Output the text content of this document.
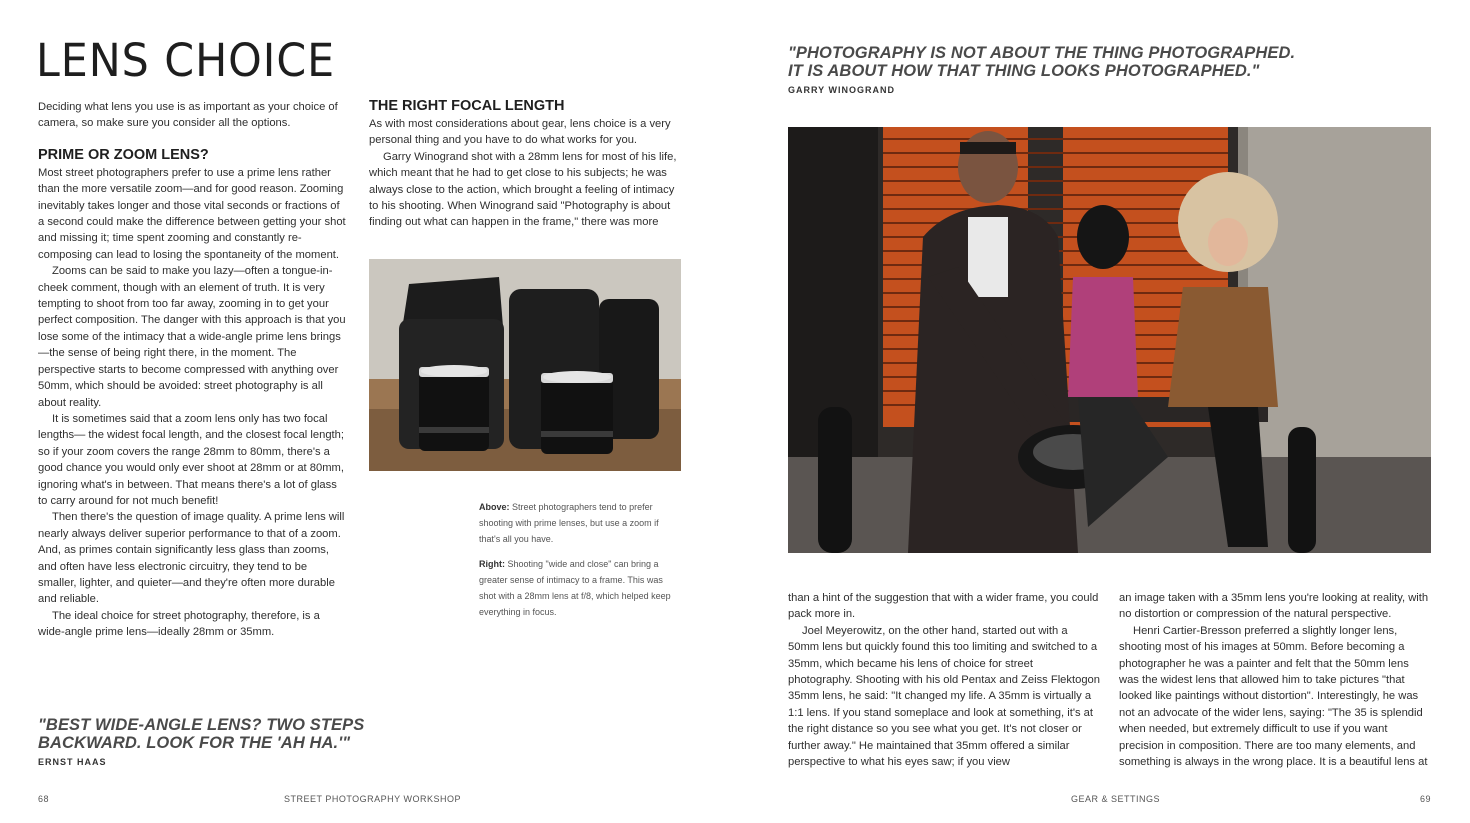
LENS CHOICE

Deciding what lens you use is as important as your choice of camera, so make sure you consider all the options.

PRIME OR ZOOM LENS?

Most street photographers prefer to use a prime lens rather than the more versatile zoom—and for good reason. Zooming inevitably takes longer and those vital seconds or fractions of a second could make the difference between getting your shot and missing it; time spent zooming and constantly re-composing can lead to losing the spontaneity of the moment.

Zooms can be said to make you lazy—often a tongue-in-cheek comment, though with an element of truth. It is very tempting to shoot from too far away, zooming in to get your perfect composition. The danger with this approach is that you lose some of the intimacy that a wide-angle prime lens brings—the sense of being right there, in the moment. The perspective starts to become compressed with anything over 50mm, which should be avoided: street photography is all about reality.

It is sometimes said that a zoom lens only has two focal lengths— the widest focal length, and the closest focal length; so if your zoom covers the range 28mm to 80mm, there's a good chance you would only ever shoot at 28mm or at 80mm, ignoring what's in between. That means there's a lot of glass to carry around for not much benefit!

Then there's the question of image quality. A prime lens will nearly always deliver superior performance to that of a zoom. And, as primes contain significantly less glass than zooms, and often have less electronic circuitry, they tend to be smaller, lighter, and quieter—and they're often more durable and reliable.

The ideal choice for street photography, therefore, is a wide-angle prime lens—ideally 28mm or 35mm.

THE RIGHT FOCAL LENGTH

As with most considerations about gear, lens choice is a very personal thing and you have to do what works for you.

Garry Winogrand shot with a 28mm lens for most of his life, which meant that he had to get close to his subjects; he was always close to the action, which brought a feeling of intimacy to his shooting. When Winogrand said "Photography is about finding out what can happen in the frame," there was more

Above: Street photographers tend to prefer shooting with prime lenses, but use a zoom if that's all you have.

Right: Shooting "wide and close" can bring a greater sense of intimacy to a frame. This was shot with a 28mm lens at f/8, which helped keep everything in focus.

"BEST WIDE-ANGLE LENS? TWO STEPS BACKWARD. LOOK FOR THE 'AH HA.'"
ERNST HAAS
68	STREET PHOTOGRAPHY WORKSHOP
"PHOTOGRAPHY IS NOT ABOUT THE THING PHOTOGRAPHED.
IT IS ABOUT HOW THAT THING LOOKS PHOTOGRAPHED."
GARRY WINOGRAND

than a hint of the suggestion that with a wider frame, you could pack more in.

Joel Meyerowitz, on the other hand, started out with a 50mm lens but quickly found this too limiting and switched to a 35mm, which became his lens of choice for street photography. Shooting with his old Pentax and Zeiss Flektogon 35mm lens, he said: "It changed my life. A 35mm is virtually a 1:1 lens. If you stand someplace and look at something, it's at the right distance so you see what you get. It's not closer or further away." He maintained that 35mm offered a similar perspective to what his eyes saw; if you view

an image taken with a 35mm lens you're looking at reality, with no distortion or compression of the natural perspective.

Henri Cartier-Bresson preferred a slightly longer lens, shooting most of his images at 50mm. Before becoming a photographer he was a painter and felt that the 50mm lens was the widest lens that allowed him to take pictures "that looked like paintings without distortion". Interestingly, he was not an advocate of the wider lens, saying: "The 35 is splendid when needed, but extremely difficult to use if you want precision in composition. There are too many elements, and something is always in the wrong place. It is a beautiful lens at

GEAR & SETTINGS	69
